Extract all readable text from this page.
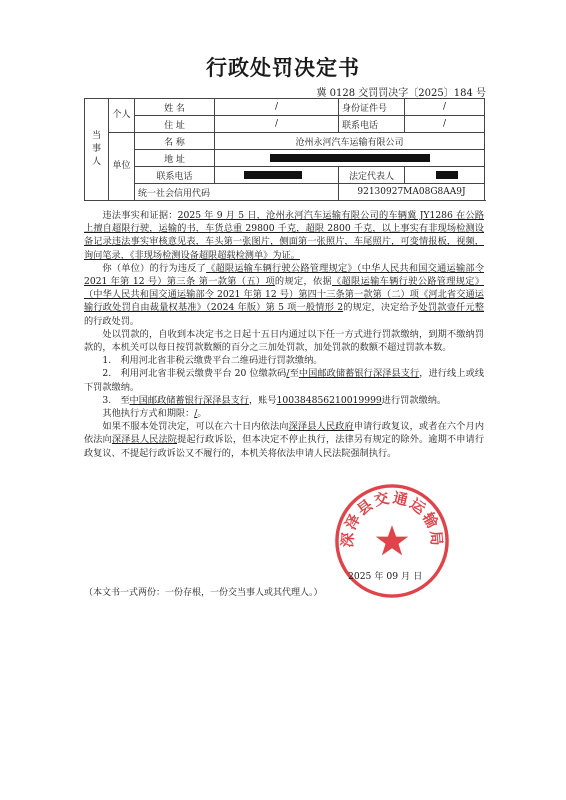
行政处罚决定书
冀 0128 交罚罚决字〔2025〕184 号
当事人	个人	姓 名	/	身份证件号	/
		住 址	/	联系电话	/
	单位	名 称	沧州永河汽车运输有限公司		
		地 址			
		联系电话		法定代表人	
		统一社会信用代码		92130927MA08G8AA9J	

违法事实和证据：2025 年 9 月 5 日，沧州永河汽车运输有限公司的车辆冀 JY1286 在公路上擅自超限行驶，运输的书，车货总重 29800 千克，超限 2800 千克，以上事实有非现场检测设备记录违法事实审核意见表，车头第一张图片，侧面第一张照片，车尾照片，可变情报板，视频，询问笔录，《非现场检测设备超限超载检测单》为证。

你（单位）的行为违反了《超限运输车辆行驶公路管理规定》（中华人民共和国交通运输部令 2021 年第 12 号）第三条 第一款第（五）项的规定，依据《超限运输车辆行驶公路管理规定》（中华人民共和国交通运输部令 2021 年第 12 号）第四十三条第一款第（二）项《河北省交通运输行政处罚自由裁量权基准》（2024 年版）第 5 项一般情形 2的规定，决定给予处罚款壹仟元整的行政处罚。

处以罚款的，自收到本决定书之日起十五日内通过以下任一方式进行罚款缴纳，到期不缴纳罚款的，本机关可以每日按罚款数额的百分之三加处罚款，加处罚款的数额不超过罚款本数。

1.　利用河北省非税云缴费平台二维码进行罚款缴纳。

2.　利用河北省非税云缴费平台 20 位缴款码/至中国邮政储蓄银行深泽县支行，进行线上或线下罚款缴纳。

3.　至中国邮政储蓄银行深泽县支行，账号100384856210019999进行罚款缴纳。

其他执行方式和期限：/。

如果不服本处罚决定，可以在六十日内依法向深泽县人民政府申请行政复议，或者在六个月内依法向深泽县人民法院提起行政诉讼，但本决定不停止执行，法律另有规定的除外。逾期不申请行政复议、不提起行政诉讼又不履行的，本机关将依法申请人民法院强制执行。

深泽县交通运输局
2025 年 09 月 日
（本文书一式两份：一份存根，一份交当事人或其代理人。）
